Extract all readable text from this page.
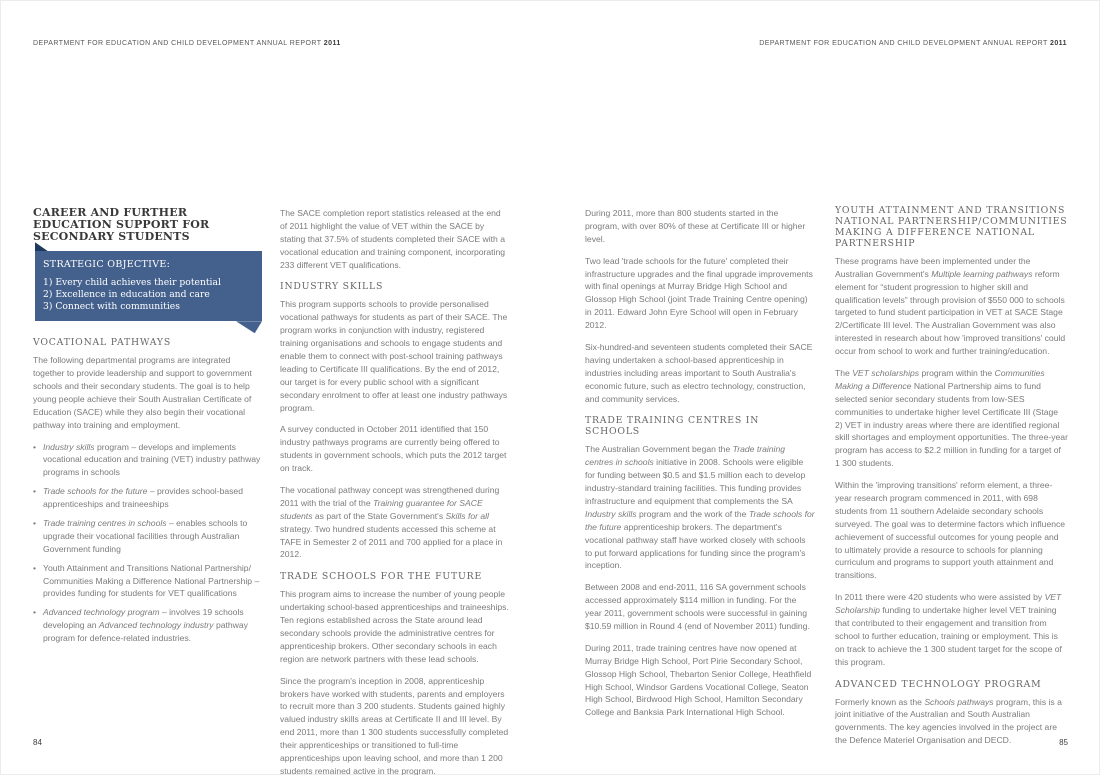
DEPARTMENT FOR EDUCATION AND CHILD DEVELOPMENT ANNUAL REPORT 2011	DEPARTMENT FOR EDUCATION AND CHILD DEVELOPMENT ANNUAL REPORT 2011
CAREER AND FURTHER EDUCATION SUPPORT FOR SECONDARY STUDENTS
STRATEGIC OBJECTIVE:
1) Every child achieves their potential
2) Excellence in education and care
3) Connect with communities
VOCATIONAL PATHWAYS

The following departmental programs are integrated together to provide leadership and support to government schools and their secondary students. The goal is to help young people achieve their South Australian Certificate of Education (SACE) while they also begin their vocational pathway into training and employment.

• Industry skills program – develops and implements vocational education and training (VET) industry pathway programs in schools
• Trade schools for the future – provides school-based apprenticeships and traineeships
• Trade training centres in schools – enables schools to upgrade their vocational facilities through Australian Government funding
• Youth Attainment and Transitions National Partnership/ Communities Making a Difference National Partnership – provides funding for students for VET qualifications
• Advanced technology program – involves 19 schools developing an Advanced technology industry pathway program for defence-related industries.

The SACE completion report statistics released at the end of 2011 highlight the value of VET within the SACE by stating that 37.5% of students completed their SACE with a vocational education and training component, incorporating 233 different VET qualifications.

INDUSTRY SKILLS

This program supports schools to provide personalised vocational pathways for students as part of their SACE. The program works in conjunction with industry, registered training organisations and schools to engage students and enable them to connect with post-school training pathways leading to Certificate III qualifications. By the end of 2012, our target is for every public school with a significant secondary enrolment to offer at least one industry pathways program.

A survey conducted in October 2011 identified that 150 industry pathways programs are currently being offered to students in government schools, which puts the 2012 target on track.

The vocational pathway concept was strengthened during 2011 with the trial of the Training guarantee for SACE students as part of the State Government's Skills for all strategy. Two hundred students accessed this scheme at TAFE in Semester 2 of 2011 and 700 applied for a place in 2012.

TRADE SCHOOLS FOR THE FUTURE

This program aims to increase the number of young people undertaking school-based apprenticeships and traineeships. Ten regions established across the State around lead secondary schools provide the administrative centres for apprenticeship brokers. Other secondary schools in each region are network partners with these lead schools.

Since the program's inception in 2008, apprenticeship brokers have worked with students, parents and employers to recruit more than 3 200 students. Students gained highly valued industry skills areas at Certificate II and III level. By end 2011, more than 1 300 students successfully completed their apprenticeships or transitioned to full-time apprenticeships upon leaving school, and more than 1 200 students remained active in the program.

During 2011, more than 800 students started in the program, with over 80% of these at Certificate III or higher level.

Two lead 'trade schools for the future' completed their infrastructure upgrades and the final upgrade improvements with final openings at Murray Bridge High School and Glossop High School (joint Trade Training Centre opening) in 2011. Edward John Eyre School will open in February 2012.

Six-hundred-and seventeen students completed their SACE having undertaken a school-based apprenticeship in industries including areas important to South Australia's economic future, such as electro technology, construction, and community services.

TRADE TRAINING CENTRES IN SCHOOLS

The Australian Government began the Trade training centres in schools initiative in 2008. Schools were eligible for funding between $0.5 and $1.5 million each to develop industry-standard training facilities. This funding provides infrastructure and equipment that complements the SA Industry skills program and the work of the Trade schools for the future apprenticeship brokers. The department's vocational pathway staff have worked closely with schools to put forward applications for funding since the program's inception.

Between 2008 and end-2011, 116 SA government schools accessed approximately $114 million in funding. For the year 2011, government schools were successful in gaining $10.59 million in Round 4 (end of November 2011) funding.

During 2011, trade training centres have now opened at Murray Bridge High School, Port Pirie Secondary School, Glossop High School, Thebarton Senior College, Heathfield High School, Windsor Gardens Vocational College, Seaton High School, Birdwood High School, Hamilton Secondary College and Banksia Park International High School.

YOUTH ATTAINMENT AND TRANSITIONS NATIONAL PARTNERSHIP/COMMUNITIES MAKING A DIFFERENCE NATIONAL PARTNERSHIP

These programs have been implemented under the Australian Government's Multiple learning pathways reform element for “student progression to higher skill and qualification levels” through provision of $550 000 to schools targeted to fund student participation in VET at SACE Stage 2/Certificate III level. The Australian Government was also interested in research about how 'improved transitions' could occur from school to work and further training/education.

The VET scholarships program within the Communities Making a Difference National Partnership aims to fund selected senior secondary students from low-SES communities to undertake higher level Certificate III (Stage 2) VET in industry areas where there are identified regional skill shortages and employment opportunities. The three-year program has access to $2.2 million in funding for a target of 1 300 students.

Within the 'improving transitions' reform element, a three-year research program commenced in 2011, with 698 students from 11 southern Adelaide secondary schools surveyed. The goal was to determine factors which influence achievement of successful outcomes for young people and to ultimately provide a resource to schools for planning curriculum and programs to support youth attainment and transitions.

In 2011 there were 420 students who were assisted by VET Scholarship funding to undertake higher level VET training that contributed to their engagement and transition from school to further education, training or employment. This is on track to achieve the 1 300 student target for the scope of this program.

ADVANCED TECHNOLOGY PROGRAM

Formerly known as the Schools pathways program, this is a joint initiative of the Australian and South Australian governments. The key agencies involved in the project are the Defence Materiel Organisation and DECD.

84	85
